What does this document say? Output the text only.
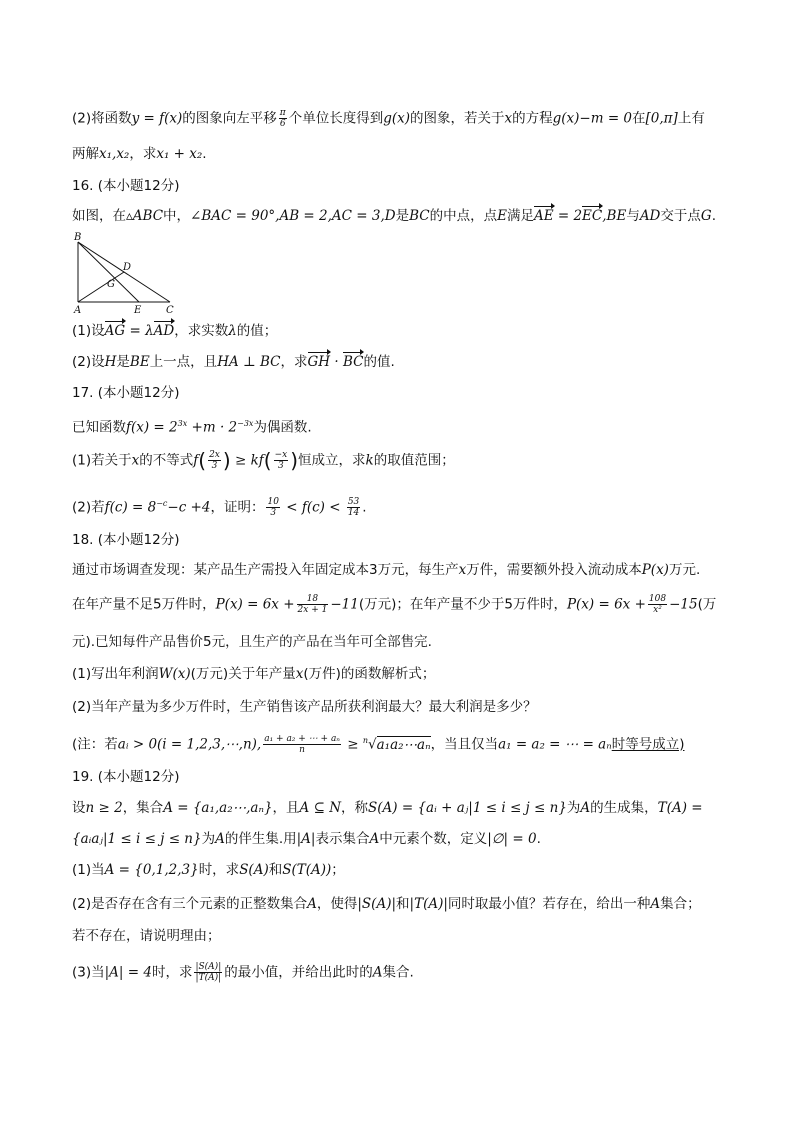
(2)将函数y = f(x)的图象向左平移 $\frac{\pi}{6}$ 个单位长度得到g(x)的图象，若关于x的方程g(x)−m = 0在[0,π]上有
两解x₁,x₂，求x₁ + x₂.
16. (本小题12分)
如图，在▵ABC中，∠BAC = 90°,AB = 2,AC = 3,D是BC的中点，点E满足AE = 2EC,BE与AD交于点G.
B
D
G
A	E C
(1)设AG = λAD，求实数λ的值；
(2)设H是BE上一点，且HA ⊥ BC，求GH · BC的值.
17. (本小题12分)
已知函数$f(x) = 2^{3x} +m \cdot 2^{-3x}$为偶函数.
(1)若关于x的不等式$f( \frac{2x}{3}$ ) ≥ $kf( \frac{-x}{3}$ )恒成立，求k的取值范围；
(2)若$f(c) = 8^{-c}-c +4$，证明： $\frac{10}{3} < f(c) < \frac{53}{14}$ .
18. (本小题12分)
通过市场调查发现：某产品生产需投入年固定成本3万元，每生产x万件，需要额外投入流动成本P(x)万元.
在年产量不足5万件时，$P(x) = 6x + \frac{18}{2x + 1} -11$(万元)；在年产量不少于5万件时，$P(x) = 6x + \frac{108}{\text{x²}} -15$(万
元).已知每件产品售价5元，且生产的产品在当年可全部售完.
(1)写出年利润W(x)(万元)关于年产量x(万件)的函数解析式；
(2)当年产量为多少万件时，生产销售该产品所获利润最大？最大利润是多少？
(注：若aᵢ > 0(i = 1,2,3,⋯,n), $\frac{\text{a₁ + a₂ + ⋯ + aₙ}}{n}$ ≥ $^n$√a₁a₂⋯aₙ，当且仅当a₁ = a₂ = ⋯ = aₙ时等号成立)
19. (本小题12分)
设n ≥ 2，集合A = {a₁,a₂⋯,aₙ}，且A ⊆ N，称S(A) = {aᵢ + aⱼ|1 ≤ i ≤ j ≤ n}为A的生成集，T(A) =
{aᵢaⱼ|1 ≤ i ≤ j ≤ n}为A的伴生集.用|A|表示集合A中元素个数，定义|∅| = 0.
(1)当A = {0,1,2,3}时，求S(A)和S(T(A))；
(2)是否存在含有三个元素的正整数集合A，使得|S(A)|和|T(A)|同时取最小值？若存在，给出一种A集合；
若不存在，请说明理由；
(3)当|A| = 4时，求 $\frac{|S(A)|}{|T(A)|}$ 的最小值，并给出此时的A集合.
